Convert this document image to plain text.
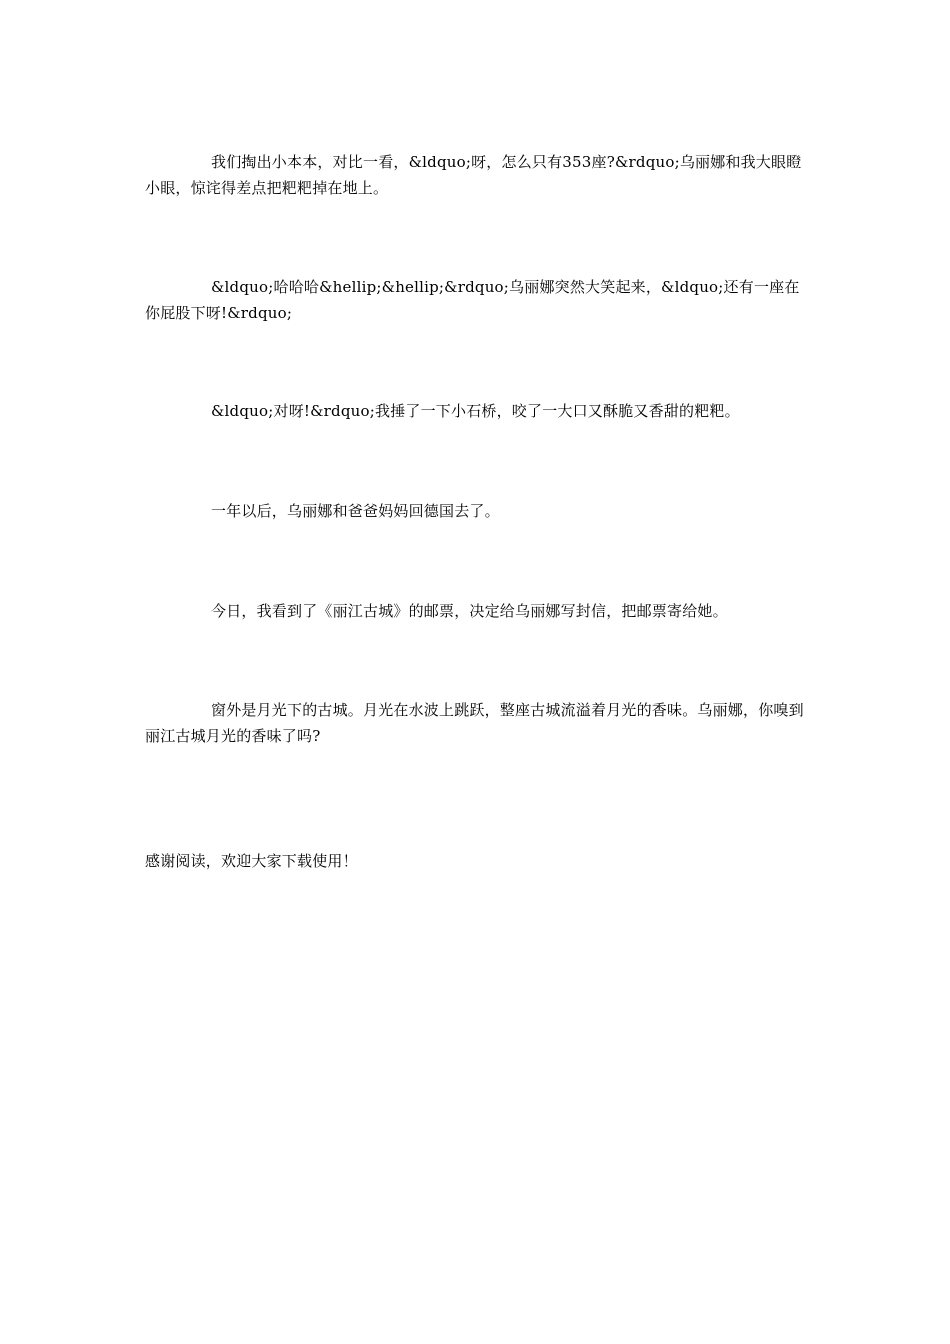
我们掏出小本本，对比一看，&ldquo;呀，怎么只有353座?&rdquo;乌丽娜和我大眼瞪小眼，惊诧得差点把粑粑掉在地上。

&ldquo;哈哈哈&hellip;&hellip;&rdquo;乌丽娜突然大笑起来，&ldquo;还有一座在你屁股下呀!&rdquo;

&ldquo;对呀!&rdquo;我捶了一下小石桥，咬了一大口又酥脆又香甜的粑粑。

一年以后，乌丽娜和爸爸妈妈回德国去了。

今日，我看到了《丽江古城》的邮票，决定给乌丽娜写封信，把邮票寄给她。

窗外是月光下的古城。月光在水波上跳跃，整座古城流溢着月光的香味。乌丽娜，你嗅到丽江古城月光的香味了吗?

感谢阅读，欢迎大家下载使用！
